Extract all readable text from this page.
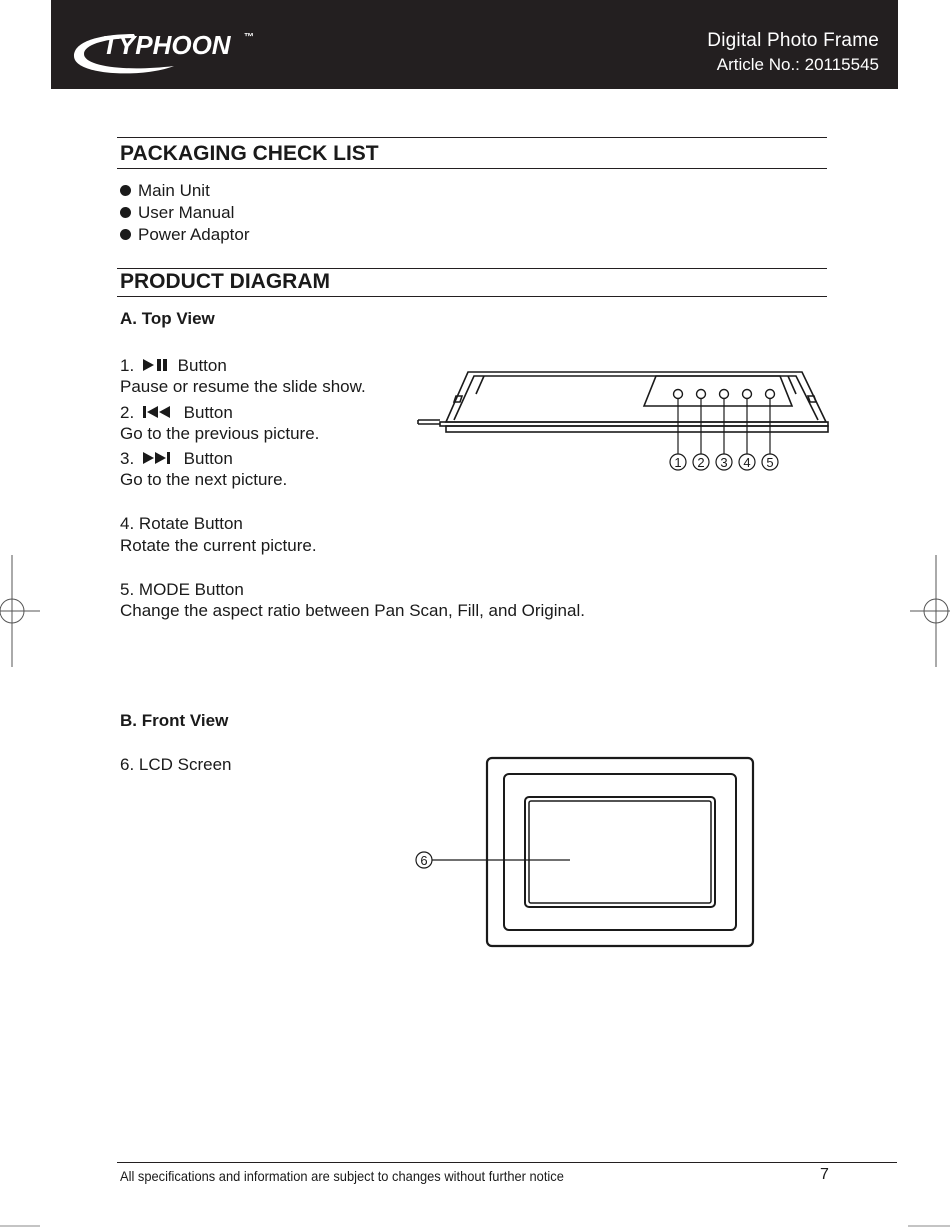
TYPHOON ™	Digital Photo Frame
Article No.: 20115545
PACKAGING CHECK LIST
Main Unit
User Manual
Power Adaptor
PRODUCT DIAGRAM
A. Top View
1.	Button
Pause or resume the slide show.
2.	Button
Go to the previous picture.
3.	Button
Go to the next picture.
4. Rotate Button
Rotate the current picture.
5. MODE Button
Change the aspect ratio between Pan Scan, Fill, and Original.
1 2 3 4 5
B. Front View
6. LCD Screen
6
All specifications and information are subject to changes without further notice	7
